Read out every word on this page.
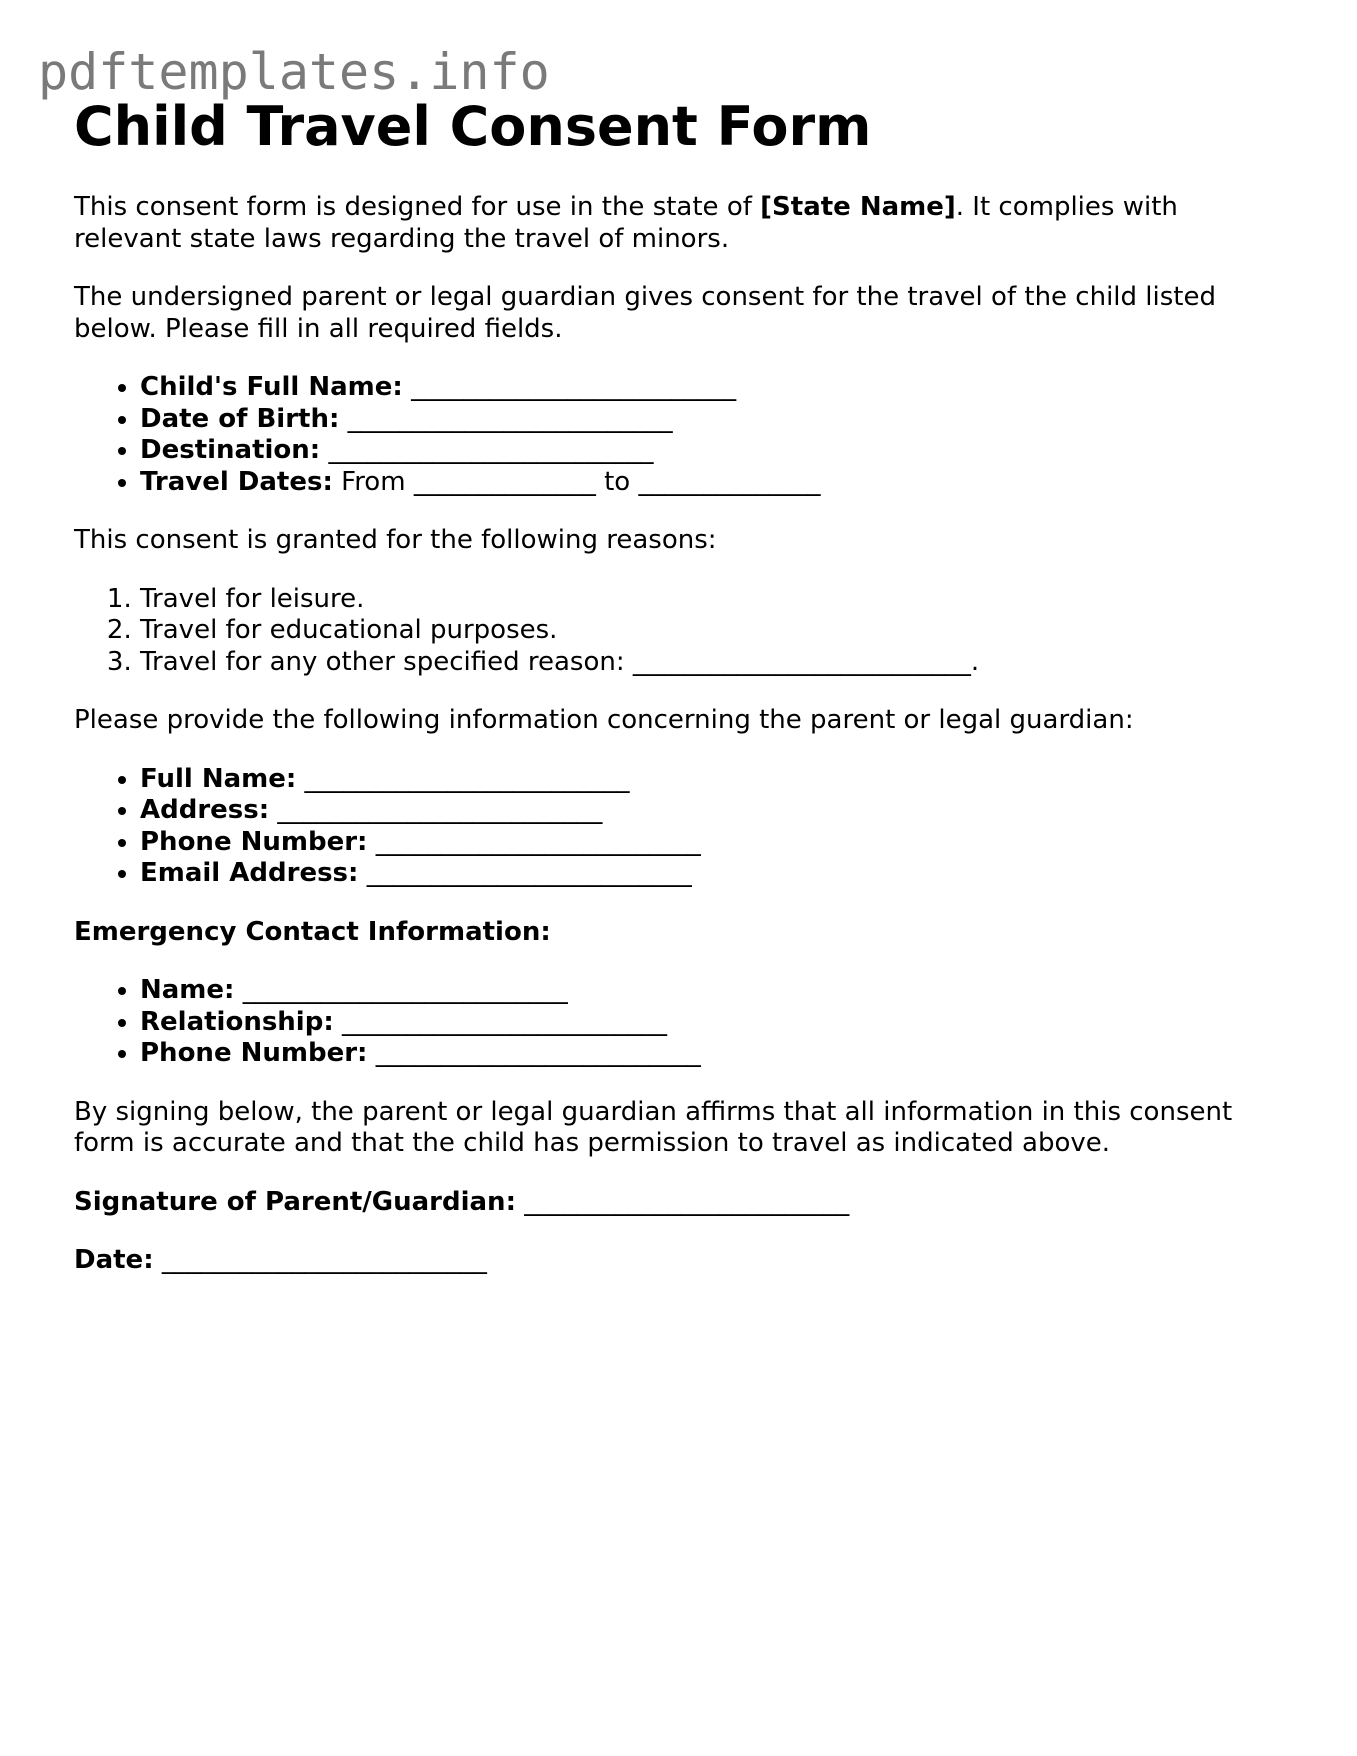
pdftemplates.info
Child Travel Consent Form

This consent form is designed for use in the state of [State Name]. It complies with relevant state laws regarding the travel of minors.

The undersigned parent or legal guardian gives consent for the travel of the child listed below. Please fill in all required fields.

• Child's Full Name: _________________________
• Date of Birth: _________________________
• Destination: _________________________
• Travel Dates: From ______________ to ______________

This consent is granted for the following reasons:

1. Travel for leisure.
2. Travel for educational purposes.
3. Travel for any other specified reason: __________________________.

Please provide the following information concerning the parent or legal guardian:

• Full Name: _________________________
• Address: _________________________
• Phone Number: _________________________
• Email Address: _________________________

Emergency Contact Information:

• Name: _________________________
• Relationship: _________________________
• Phone Number: _________________________

By signing below, the parent or legal guardian affirms that all information in this consent form is accurate and that the child has permission to travel as indicated above.

Signature of Parent/Guardian: _________________________

Date: _________________________
